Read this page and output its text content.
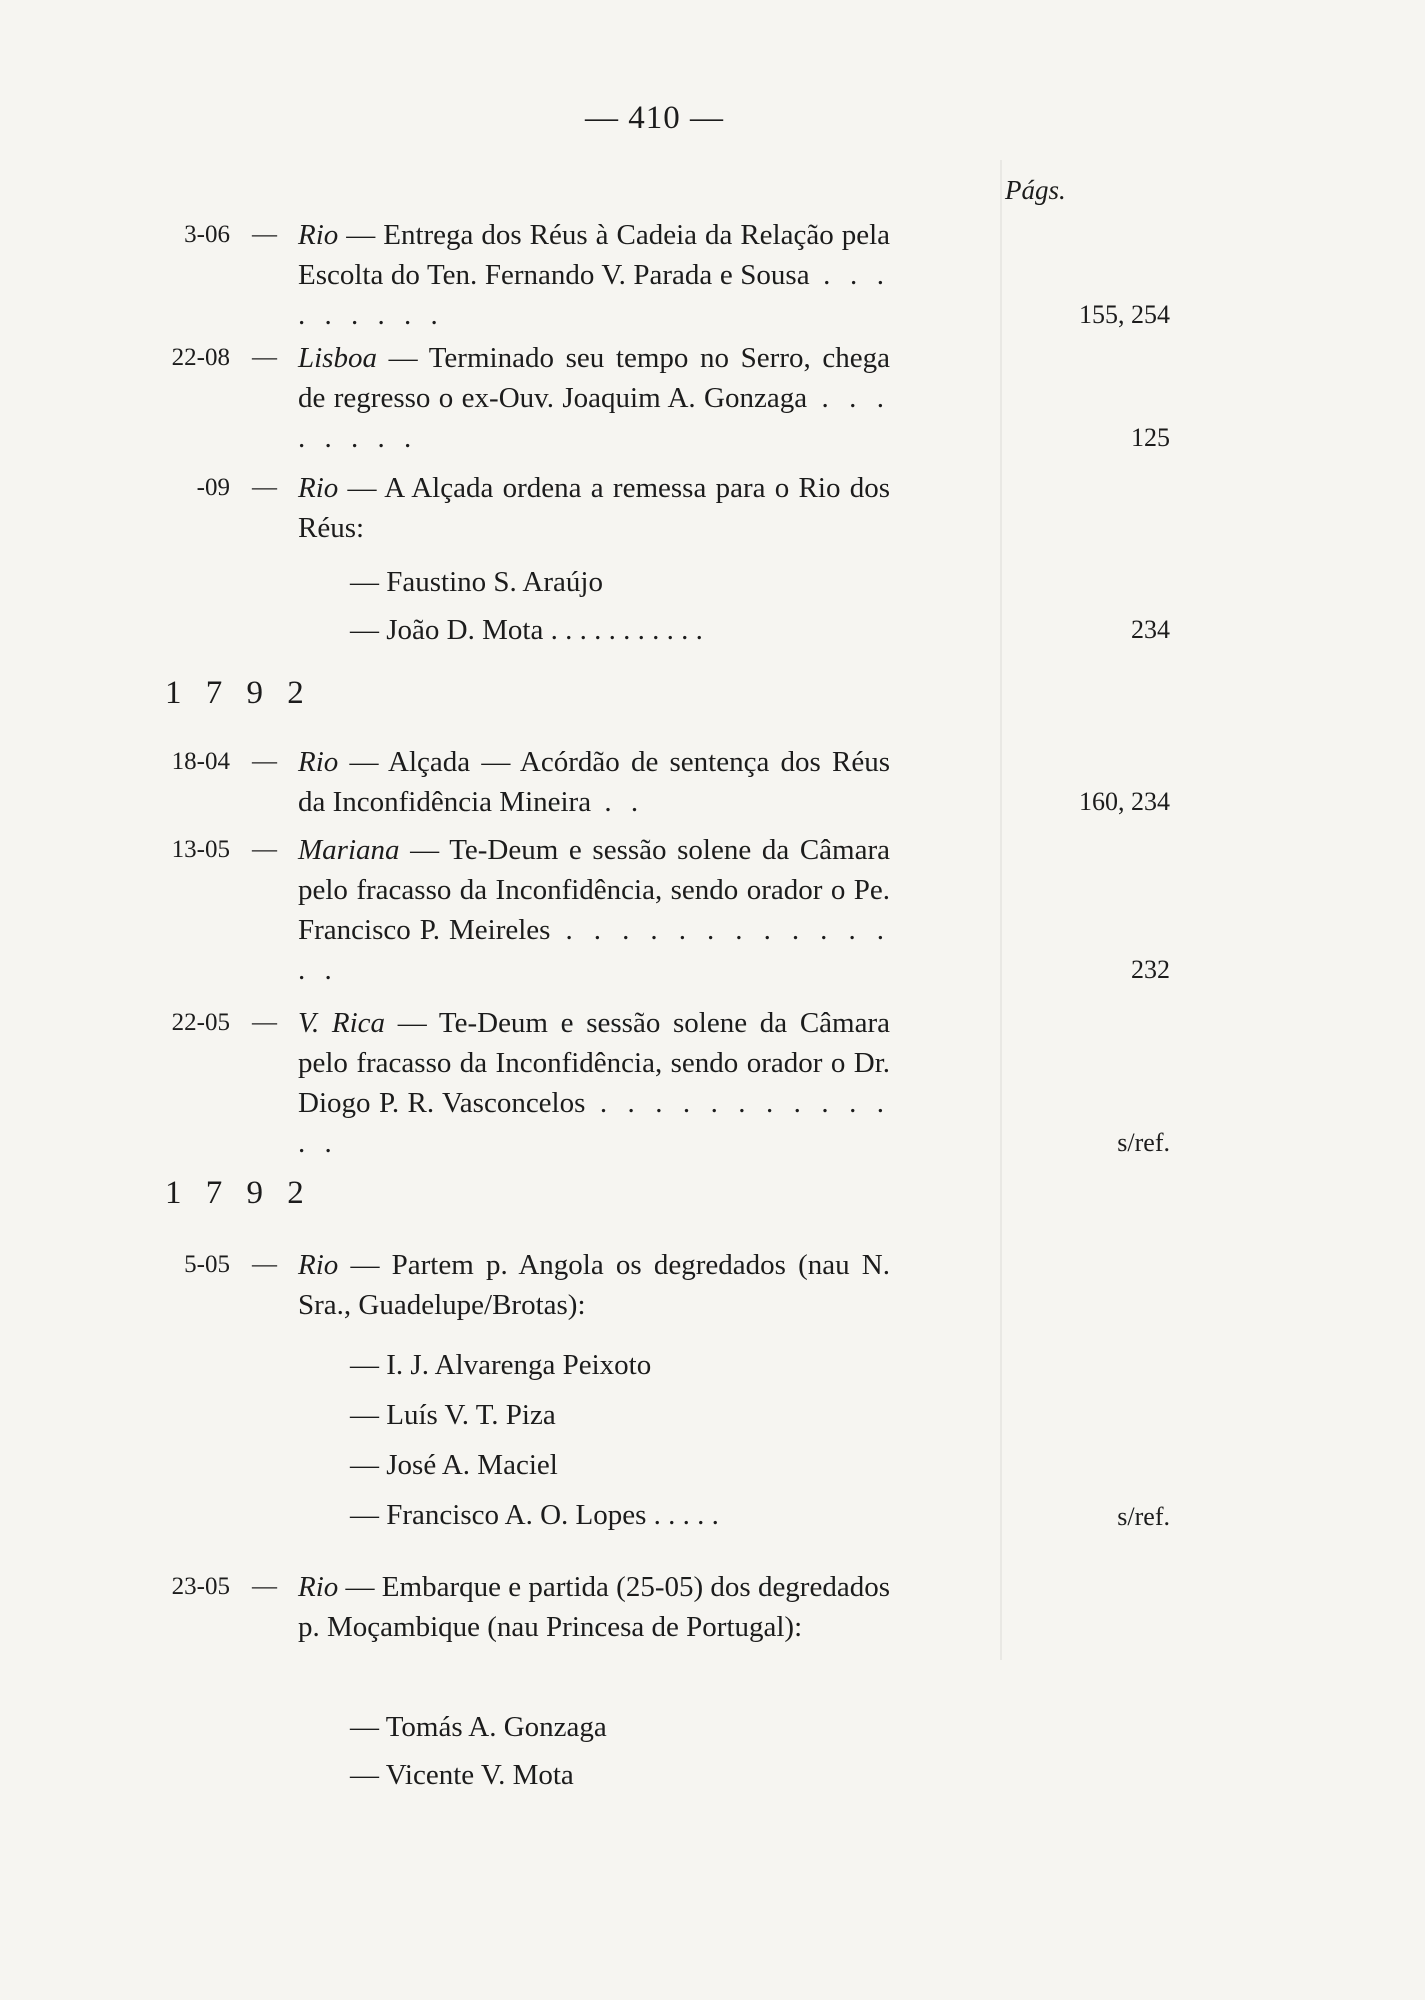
— 410 —
Págs.
3-06 — Rio — Entrega dos Réus à Cadeia da Relação pela Escolta do Ten. Fernando V. Parada e Sousa . . . . . . . . .	155, 254
22-08 — Lisboa — Terminado seu tempo no Serro, chega de regresso o ex-Ouv. Joaquim A. Gonzaga . . . . . . . .	125
-09 — Rio — A Alçada ordena a remessa para o Rio dos Réus:
— Faustino S. Araújo
— João D. Mota . . . . . . . . . . .	234
1 7 9 2
18-04 — Rio — Alçada — Acórdão de sentença dos Réus da Inconfidência Mineira . .	160, 234
13-05 — Mariana — Te-Deum e sessão solene da Câmara pelo fracasso da Inconfidência, sendo orador o Pe. Francisco P. Meireles . . . . . . . . . . . . . .	232
22-05 — V. Rica — Te-Deum e sessão solene da Câmara pelo fracasso da Inconfidência, sendo orador o Dr. Diogo P. R. Vasconcelos . . . . . . . . . . . . .	s/ref.
1 7 9 2
5-05 — Rio — Partem p. Angola os degredados (nau N. Sra., Guadelupe/Brotas):
— I. J. Alvarenga Peixoto
— Luís V. T. Piza
— José A. Maciel
— Francisco A. O. Lopes . . . . .	s/ref.
23-05 — Rio — Embarque e partida (25-05) dos degredados p. Moçambique (nau Princesa de Portugal):
— Tomás A. Gonzaga
— Vicente V. Mota
